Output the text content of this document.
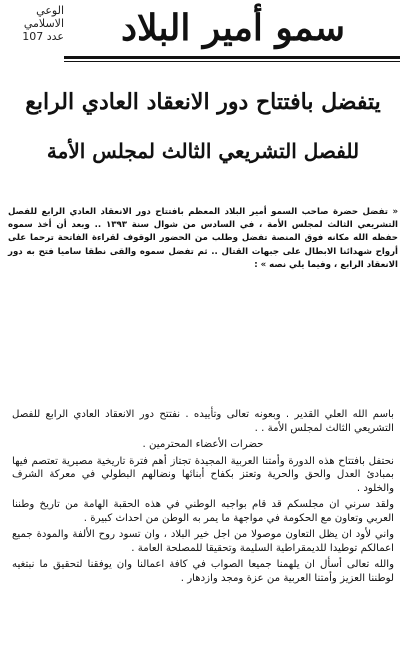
الوعي
الاسلامي
عدد 107	سمو أمير البلاد
يتفضل بافتتاح دور الانعقاد العادي الرابع
للفصل التشريعي الثالث لمجلس الأمة

« تفضل حضرة صاحب السمو أمير البلاد المعظم بافتتاح دور الانعقاد العادي الرابع للفصل التشريعي الثالث لمجلس الأمة ، في السادس من شوال سنة ١٣٩٣ .. وبعد أن أخذ سموه حفظه الله مكانه فوق المنصة تفضل وطلب من الحضور الوقوف لقراءة الفاتحة ترحما على أرواح شهدائنا الابطال على جبهات القتال .. ثم تفضل سموه والقى نطقا ساميا فتح به دور الانعقاد الرابع ، وفيما يلي نصه » :

باسم الله العلي القدير . وبعونه تعالى وتأييده . نفتتح دور الانعقاد العادي الرابع للفصل التشريعي الثالث لمجلس الأمة . .

حضرات الأعضاء المحترمين .

نحتفل بافتتاح هذه الدورة وأمتنا العربية المجيدة تجتاز أهم فترة تاريخية مصيرية تعتصم فيها بمبادئ العدل والحق والحرية وتعتز بكفاح أبنائها ونضالهم البطولي في معركة الشرف والخلود .

ولقد سرني ان مجلسكم قد قام بواجبه الوطني في هذه الحقبة الهامة من تاريخ وطننا العربي وتعاون مع الحكومة في مواجهة ما يمر به الوطن من احداث كبيرة .

واني لأود ان يظل التعاون موصولا من اجل خير البلاد ، وان تسود روح الألفة والمودة جميع اعمالكم توطيدا للديمقراطية السليمة وتحقيقا للمصلحة العامة .

والله تعالى أسأل ان يلهمنا جميعا الصواب في كافة اعمالنا وان يوفقنا لتحقيق ما نبتغيه لوطننا العزيز وأمتنا العربية من عزة ومجد وازدهار .
